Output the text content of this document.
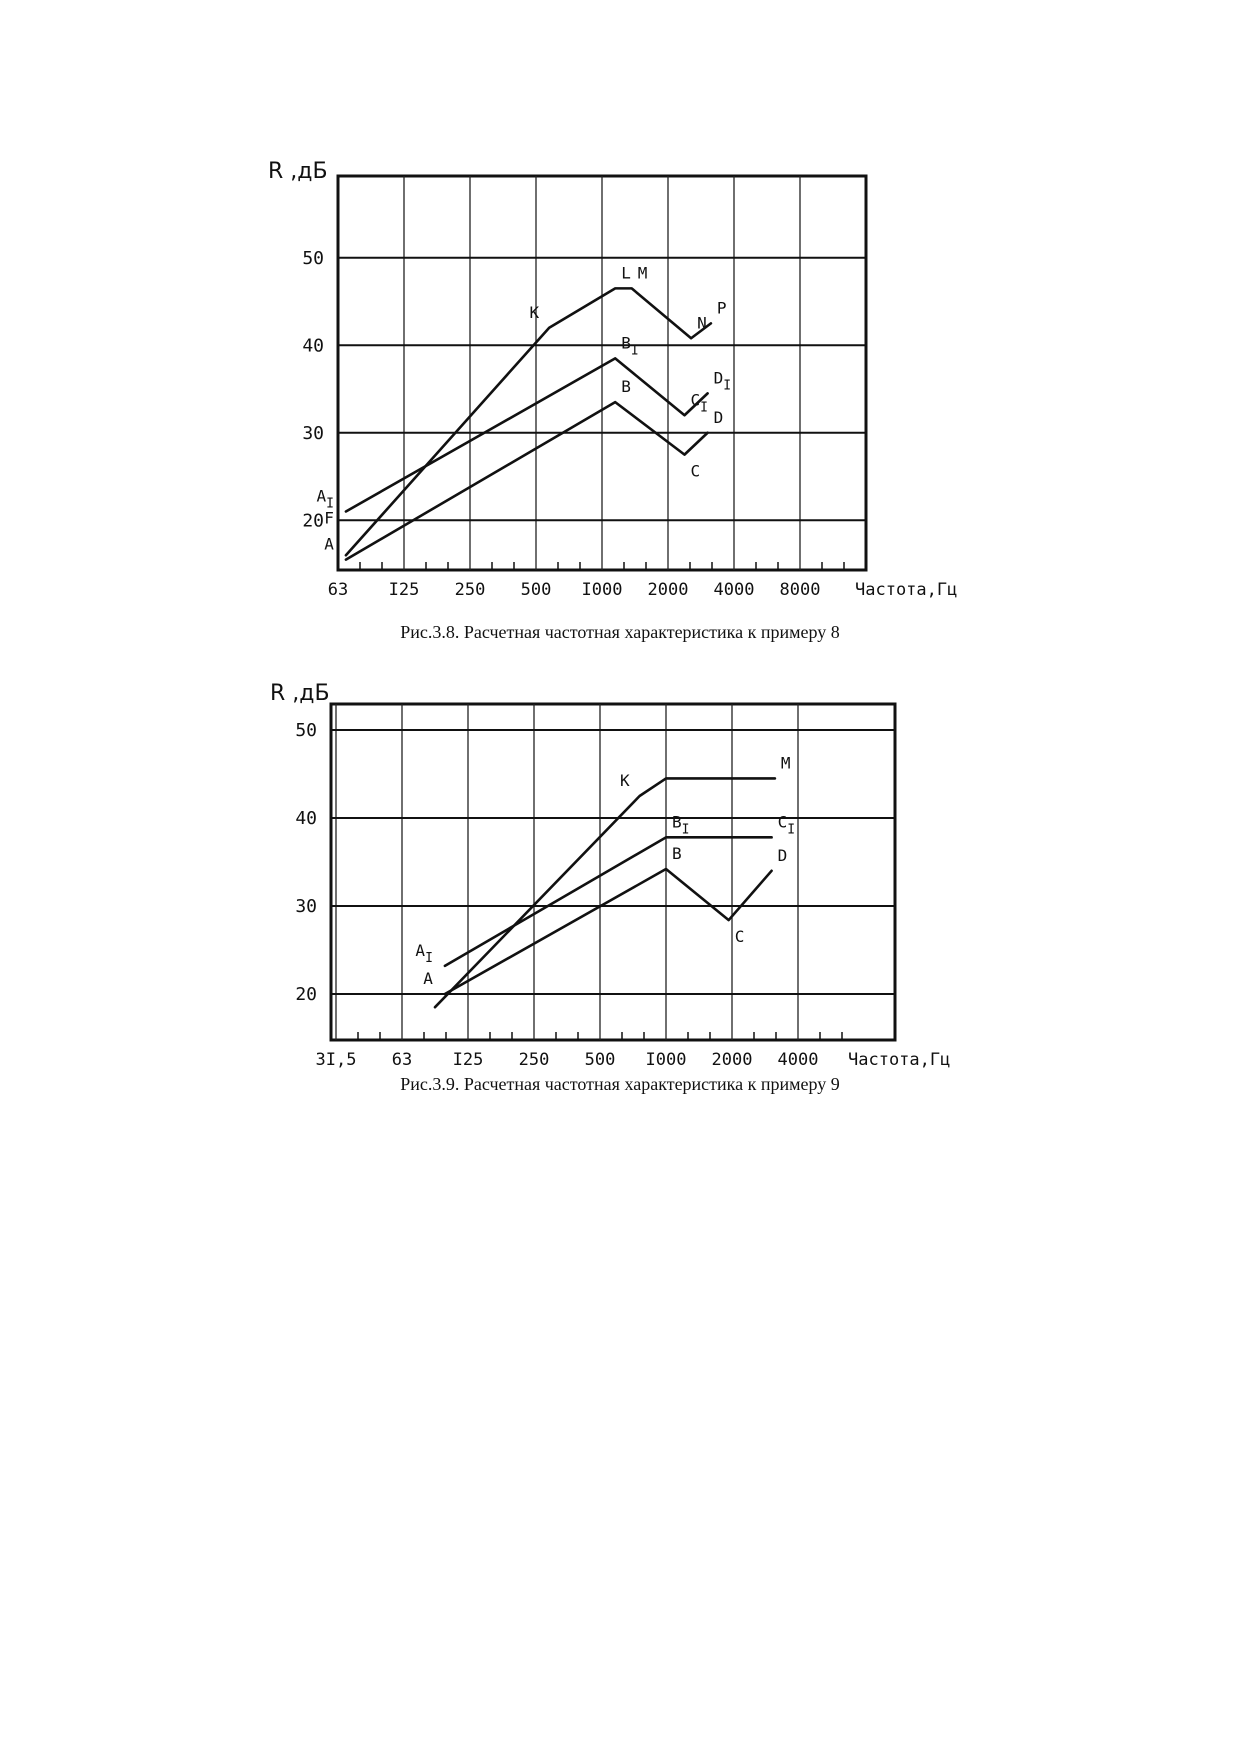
20
30
40
50
63 I25 250 500 I000 2000 4000 8000
R ,дБ
Частота,Гц
K
L M
N
P
$B_I$
$C_I$
$D_I$
B
C
D
$A_I$
F
A
Рис.3.8. Расчетная частотная характеристика к примеру 8
20
30
40
50
3I,5 63 I25 250 500 I000 2000 4000
R ,дБ
Частота,Гц
K
M
$B_I$	$C_I$
B
C
D
$A_I$
A
Рис.3.9. Расчетная частотная характеристика к примеру 9
